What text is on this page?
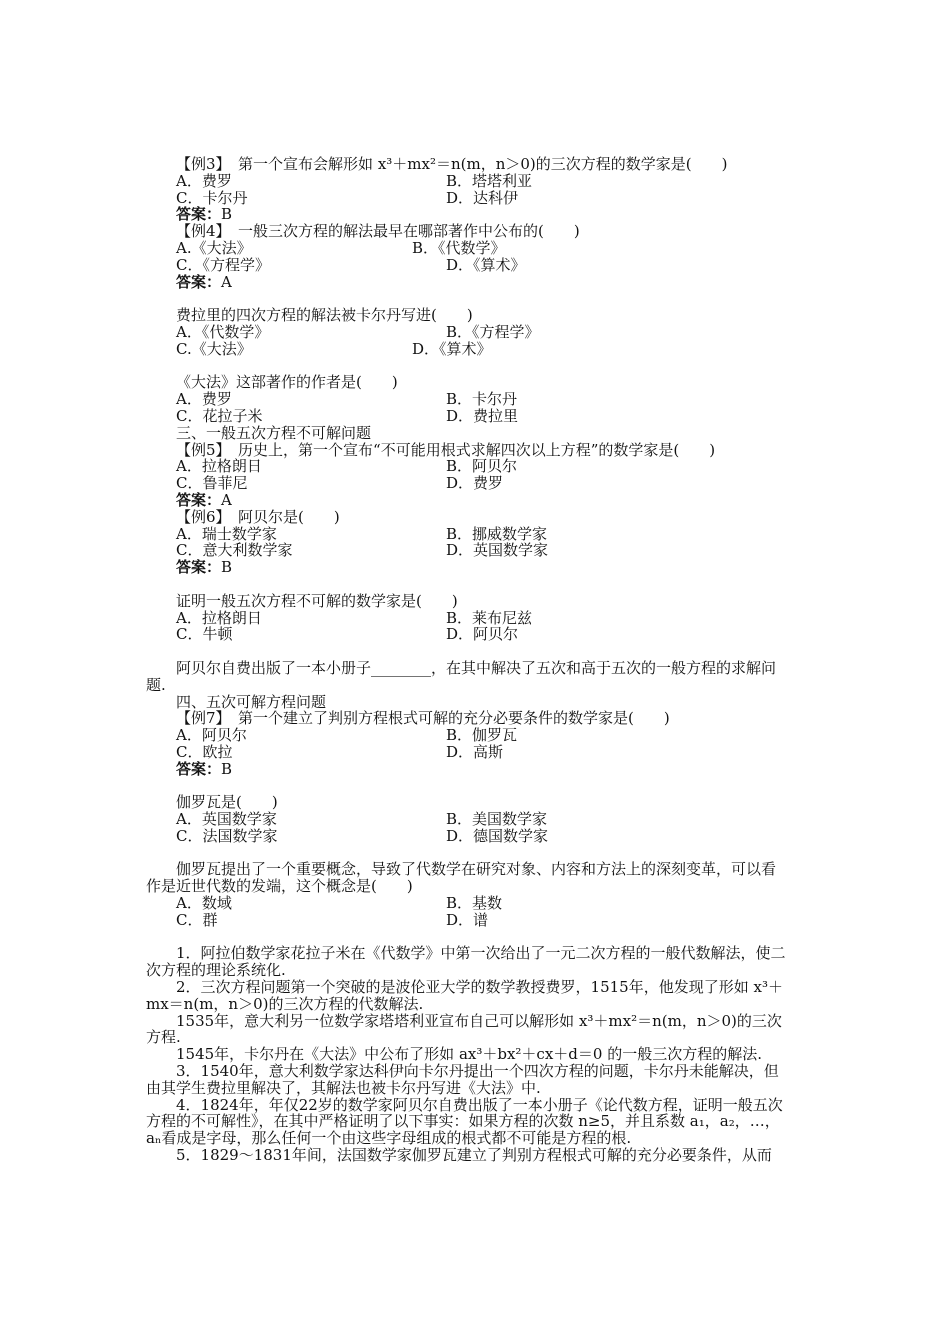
【例3】　第一个宣布会解形如 x³＋mx²＝n(m，n＞0)的三次方程的数学家是(　　)
A．费罗	B．塔塔利亚
C．卡尔丹	D．达科伊
答案：B
【例4】　一般三次方程的解法最早在哪部著作中公布的(　　)
A.《大法》	B．《代数学》
C．《方程学》	D．《算术》
答案：A
费拉里的四次方程的解法被卡尔丹写进(　　)
A．《代数学》	B．《方程学》
C.《大法》	D．《算术》
《大法》这部著作的作者是(　　)
A．费罗	B．卡尔丹
C．花拉子米	D．费拉里
三、一般五次方程不可解问题
【例5】　历史上，第一个宣布“不可能用根式求解四次以上方程”的数学家是(　　)
A．拉格朗日	B．阿贝尔
C．鲁菲尼	D．费罗
答案：A
【例6】　阿贝尔是(　　)
A．瑞士数学家	B．挪威数学家
C．意大利数学家	D．英国数学家
答案：B
证明一般五次方程不可解的数学家是(　　)
A．拉格朗日	B．莱布尼兹
C．牛顿	D．阿贝尔
阿贝尔自费出版了一本小册子________，在其中解决了五次和高于五次的一般方程的求解问题.
四、五次可解方程问题
【例7】　第一个建立了判别方程根式可解的充分必要条件的数学家是(　　)
A．阿贝尔	B．伽罗瓦
C．欧拉	D．高斯
答案：B
伽罗瓦是(　　)
A．英国数学家	B．美国数学家
C．法国数学家	D．德国数学家
伽罗瓦提出了一个重要概念，导致了代数学在研究对象、内容和方法上的深刻变革，可以看作是近世代数的发端，这个概念是(　　)
A．数域	B．基数
C．群	D．谱
1．阿拉伯数学家花拉子米在《代数学》中第一次给出了一元二次方程的一般代数解法，使二次方程的理论系统化.
2．三次方程问题第一个突破的是波伦亚大学的数学教授费罗，1515年，他发现了形如 x³＋mx＝n(m，n＞0)的三次方程的代数解法.
1535年，意大利另一位数学家塔塔利亚宣布自己可以解形如 x³＋mx²＝n(m，n＞0)的三次方程.
1545年，卡尔丹在《大法》中公布了形如 ax³＋bx²＋cx＋d＝0 的一般三次方程的解法.
3．1540年，意大利数学家达科伊向卡尔丹提出一个四次方程的问题，卡尔丹未能解决，但由其学生费拉里解决了，其解法也被卡尔丹写进《大法》中.
4．1824年，年仅22岁的数学家阿贝尔自费出版了一本小册子《论代数方程，证明一般五次方程的不可解性》，在其中严格证明了以下事实：如果方程的次数 n≥5，并且系数 a₁，a₂，…，aₙ看成是字母，那么任何一个由这些字母组成的根式都不可能是方程的根.
5．1829～1831年间，法国数学家伽罗瓦建立了判别方程根式可解的充分必要条件，从而
